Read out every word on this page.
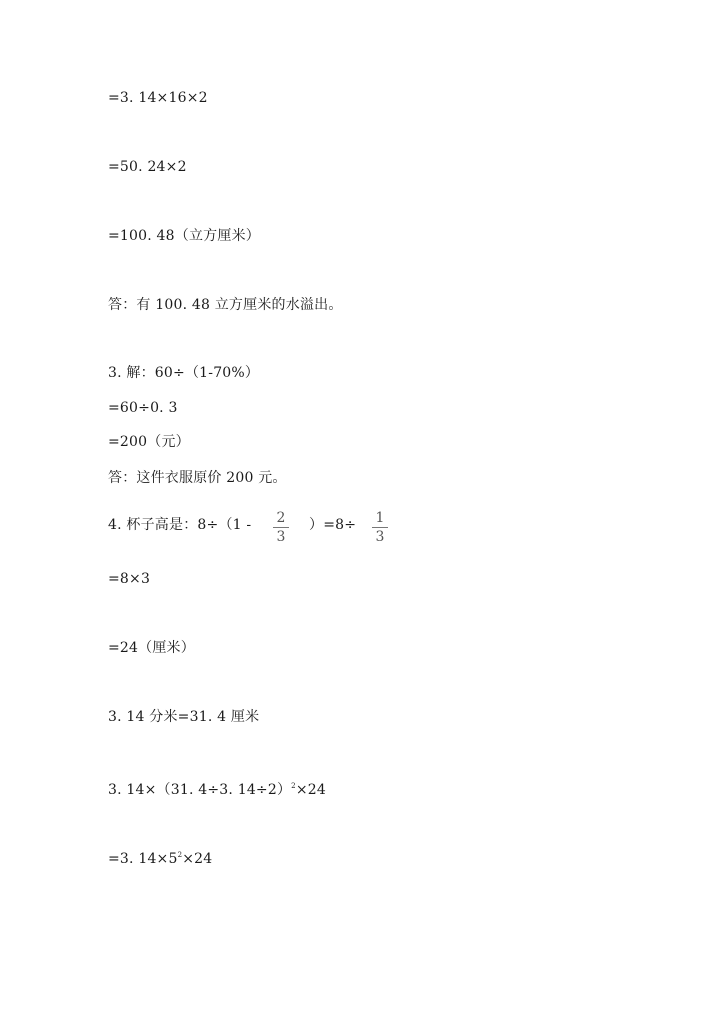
=3. 14×16×2
=50. 24×2
=100. 48（立方厘米）
答：有 100. 48 立方厘米的水溢出。
3. 解：60÷（1-70%）
=60÷0. 3
=200（元）
答：这件衣服原价 200 元。
4. 杯子高是：8÷（1 - 2
3
）=8÷ 1
3
=8×3
=24（厘米）
3. 14 分米=31. 4 厘米
3. 14×（31. 4÷3. 14÷2）$^2$×24
=3. $14\times 5^2\times 24$
